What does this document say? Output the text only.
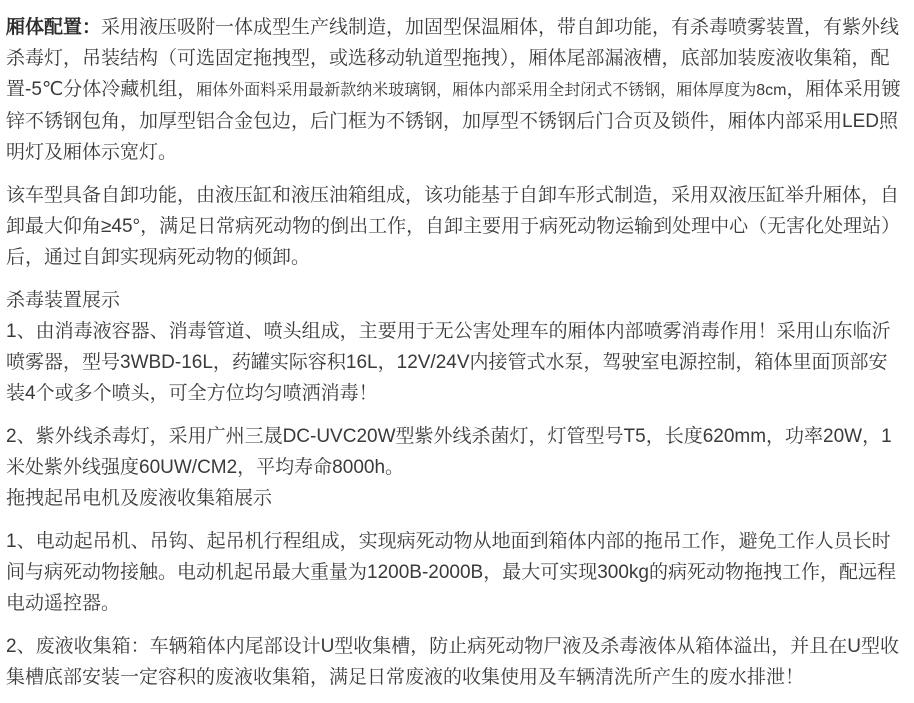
厢体配置：采用液压吸附一体成型生产线制造，加固型保温厢体，带自卸功能，有杀毒喷雾装置，有紫外线杀毒灯，吊装结构（可选固定拖拽型，或选移动轨道型拖拽），厢体尾部漏液槽，底部加装废液收集箱，配置-5℃分体冷藏机组，厢体外面料采用最新款纳米玻璃钢，厢体内部采用全封闭式不锈钢，厢体厚度为8cm，厢体采用镀锌不锈钢包角，加厚型铝合金包边，后门框为不锈钢，加厚型不锈钢后门合页及锁件，厢体内部采用LED照明灯及厢体示宽灯。

该车型具备自卸功能，由液压缸和液压油箱组成，该功能基于自卸车形式制造，采用双液压缸举升厢体，自卸最大仰角≥45°，满足日常病死动物的倒出工作，自卸主要用于病死动物运输到处理中心（无害化处理站）后，通过自卸实现病死动物的倾卸。

杀毒装置展示
1、由消毒液容器、消毒管道、喷头组成，主要用于无公害处理车的厢体内部喷雾消毒作用！采用山东临沂喷雾器，型号3WBD-16L，药罐实际容积16L，12V/24V内接管式水泵，驾驶室电源控制，箱体里面顶部安装4个或多个喷头，可全方位均匀喷洒消毒！

2、紫外线杀毒灯，采用广州三晟DC-UVC20W型紫外线杀菌灯，灯管型号T5，长度620mm，功率20W，1米处紫外线强度60UW/CM2，平均寿命8000h。
拖拽起吊电机及废液收集箱展示

1、电动起吊机、吊钩、起吊机行程组成，实现病死动物从地面到箱体内部的拖吊工作，避免工作人员长时间与病死动物接触。电动机起吊最大重量为1200B-2000B，最大可实现300kg的病死动物拖拽工作，配远程电动遥控器。

2、废液收集箱：车辆箱体内尾部设计U型收集槽，防止病死动物尸液及杀毒液体从箱体溢出，并且在U型收集槽底部安装一定容积的废液收集箱，满足日常废液的收集使用及车辆清洗所产生的废水排泄！
